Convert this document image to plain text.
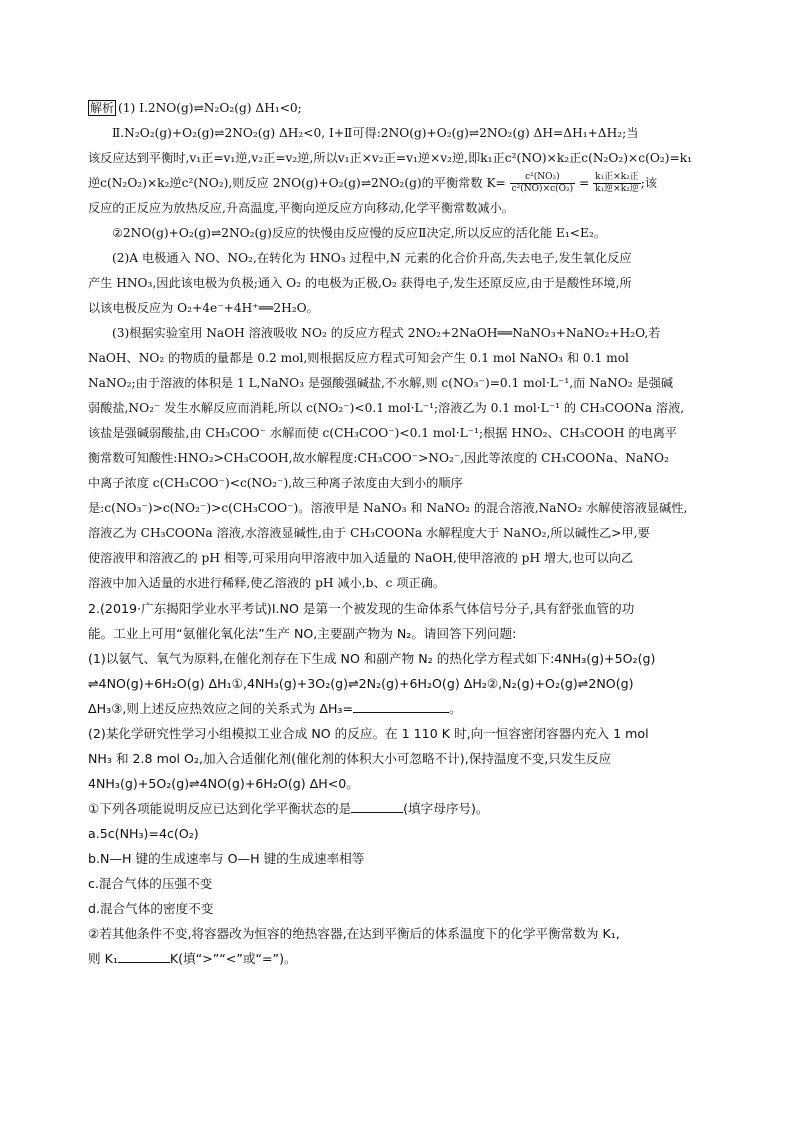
解析 (1) Ⅰ.2NO(g)⇌N₂O₂(g) ΔH₁<0;
Ⅱ.N₂O₂(g)+O₂(g)⇌2NO₂(g) ΔH₂<0, Ⅰ+Ⅱ可得:2NO(g)+O₂(g)⇌2NO₂(g) ΔH=ΔH₁+ΔH₂;当
该反应达到平衡时,v₁正=v₁逆,v₂正=v₂逆,所以v₁正×v₂正=v₁逆×v₂逆,即k₁正c²(NO)×k₂正c(N₂O₂)×c(O₂)=k₁
逆c(N₂O₂)×k₂逆c²(NO₂),则反应 2NO(g)+O₂(g)⇌2NO₂(g)的平衡常数 $K= \frac{\text{c²(NO₂)}}{\text{c²(NO)×c(O₂)}} = \frac{\text{k₁正×k₂正}}{\text{k₁逆×k₂逆}}$ ;该
反应的正反应为放热反应,升高温度,平衡向逆反应方向移动,化学平衡常数减小。
②2NO(g)+O₂(g)⇌2NO₂(g)反应的快慢由反应慢的反应Ⅱ决定,所以反应的活化能 E₁<E₂。
(2)A 电极通入 NO、NO₂,在转化为 HNO₃ 过程中,N 元素的化合价升高,失去电子,发生氧化反应
产生 HNO₃,因此该电极为负极;通入 O₂ 的电极为正极,O₂ 获得电子,发生还原反应,由于是酸性环境,所
以该电极反应为 O₂+4e⁻+4H⁺══2H₂O。
(3)根据实验室用 NaOH 溶液吸收 NO₂ 的反应方程式 2NO₂+2NaOH══NaNO₃+NaNO₂+H₂O,若
NaOH、NO₂ 的物质的量都是 0.2 mol,则根据反应方程式可知会产生 0.1 mol NaNO₃ 和 0.1 mol
NaNO₂;由于溶液的体积是 1 L,NaNO₃ 是强酸强碱盐,不水解,则 c(NO₃⁻)=0.1 mol·L⁻¹,而 NaNO₂ 是强碱
弱酸盐,NO₂⁻ 发生水解反应而消耗,所以 c(NO₂⁻)<0.1 mol·L⁻¹;溶液乙为 0.1 mol·L⁻¹ 的 CH₃COONa 溶液,
该盐是强碱弱酸盐,由 CH₃COO⁻ 水解而使 c(CH₃COO⁻)<0.1 mol·L⁻¹;根据 HNO₂、CH₃COOH 的电离平
衡常数可知酸性:HNO₂>CH₃COOH,故水解程度:CH₃COO⁻>NO₂⁻,因此等浓度的 CH₃COONa、NaNO₂
中离子浓度 c(CH₃COO⁻)<c(NO₂⁻),故三种离子浓度由大到小的顺序
是:c(NO₃⁻)>c(NO₂⁻)>c(CH₃COO⁻)。溶液甲是 NaNO₃ 和 NaNO₂ 的混合溶液,NaNO₂ 水解使溶液显碱性,
溶液乙为 CH₃COONa 溶液,水溶液显碱性,由于 CH₃COONa 水解程度大于 NaNO₂,所以碱性乙>甲,要
使溶液甲和溶液乙的 pH 相等,可采用向甲溶液中加入适量的 NaOH,使甲溶液的 pH 增大,也可以向乙
溶液中加入适量的水进行稀释,使乙溶液的 pH 减小,b、c 项正确。
2.(2019·广东揭阳学业水平考试)Ⅰ.NO 是第一个被发现的生命体系气体信号分子,具有舒张血管的功
能。工业上可用“氨催化氧化法”生产 NO,主要副产物为 N₂。请回答下列问题:
(1)以氨气、氧气为原料,在催化剂存在下生成 NO 和副产物 N₂ 的热化学方程式如下:4NH₃(g)+5O₂(g)
⇌4NO(g)+6H₂O(g) ΔH₁①,4NH₃(g)+3O₂(g)⇌2N₂(g)+6H₂O(g) ΔH₂②,N₂(g)+O₂(g)⇌2NO(g)
ΔH₃③,则上述反应热效应之间的关系式为 ΔH₃=	。
(2)某化学研究性学习小组模拟工业合成 NO 的反应。在 1 110 K 时,向一恒容密闭容器内充入 1 mol
NH₃ 和 2.8 mol O₂,加入合适催化剂(催化剂的体积大小可忽略不计),保持温度不变,只发生反应
4NH₃(g)+5O₂(g)⇌4NO(g)+6H₂O(g) ΔH<0。
①下列各项能说明反应已达到化学平衡状态的是	(填字母序号)。
a.5c(NH₃)=4c(O₂)
b.N—H 键的生成速率与 O—H 键的生成速率相等
c.混合气体的压强不变
d.混合气体的密度不变
②若其他条件不变,将容器改为恒容的绝热容器,在达到平衡后的体系温度下的化学平衡常数为 K₁,
则 K₁	K(填“>”“<”或“=”)。
